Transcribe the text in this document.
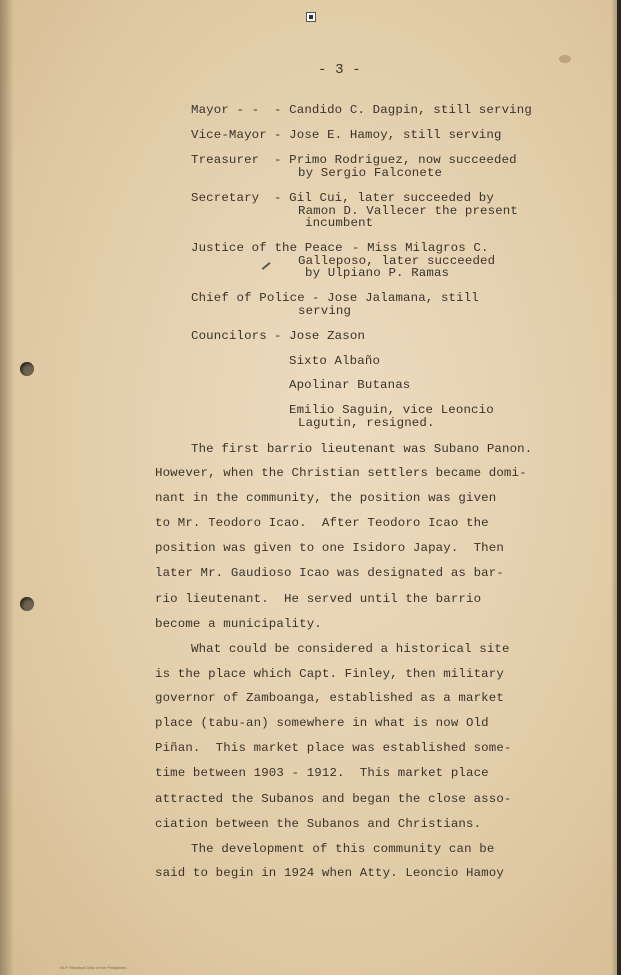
- 3 -
Mayor - - - Candido C. Dagpin, still serving
Vice-Mayor - Jose E. Hamoy, still serving
Treasurer - Primo Rodriguez, now succeeded
by Sergio Falconete
Secretary - Gil Cui, later succeeded by
Ramon D. Vallecer the present
incumbent
Justice of the Peace - Miss Milagros C.
Galleposo, later succeeded
by Ulpiano P. Ramas
Chief of Police - Jose Jalamana, still
serving
Councilors - Jose Zason
Sixto Albaño
Apolinar Butanas
Emilio Saguin, vice Leoncio
Lagutin, resigned.
The first barrio lieutenant was Subano Panon.
However, when the Christian settlers became domi-
nant in the community, the position was given
to Mr. Teodoro Icao.  After Teodoro Icao the
position was given to one Isidoro Japay.  Then
later Mr. Gaudioso Icao was designated as bar-
rio lieutenant.  He served until the barrio
become a municipality.
What could be considered a historical site
is the place which Capt. Finley, then military
governor of Zamboanga, established as a market
place (tabu-an) somewhere in what is now Old
Piñan.  This market place was established some-
time between 1903 - 1912.  This market place
attracted the Subanos and began the close asso-
ciation between the Subanos and Christians.
The development of this community can be
said to begin in 1924 when Atty. Leoncio Hamoy
NLP Historical Data of the Philippines
